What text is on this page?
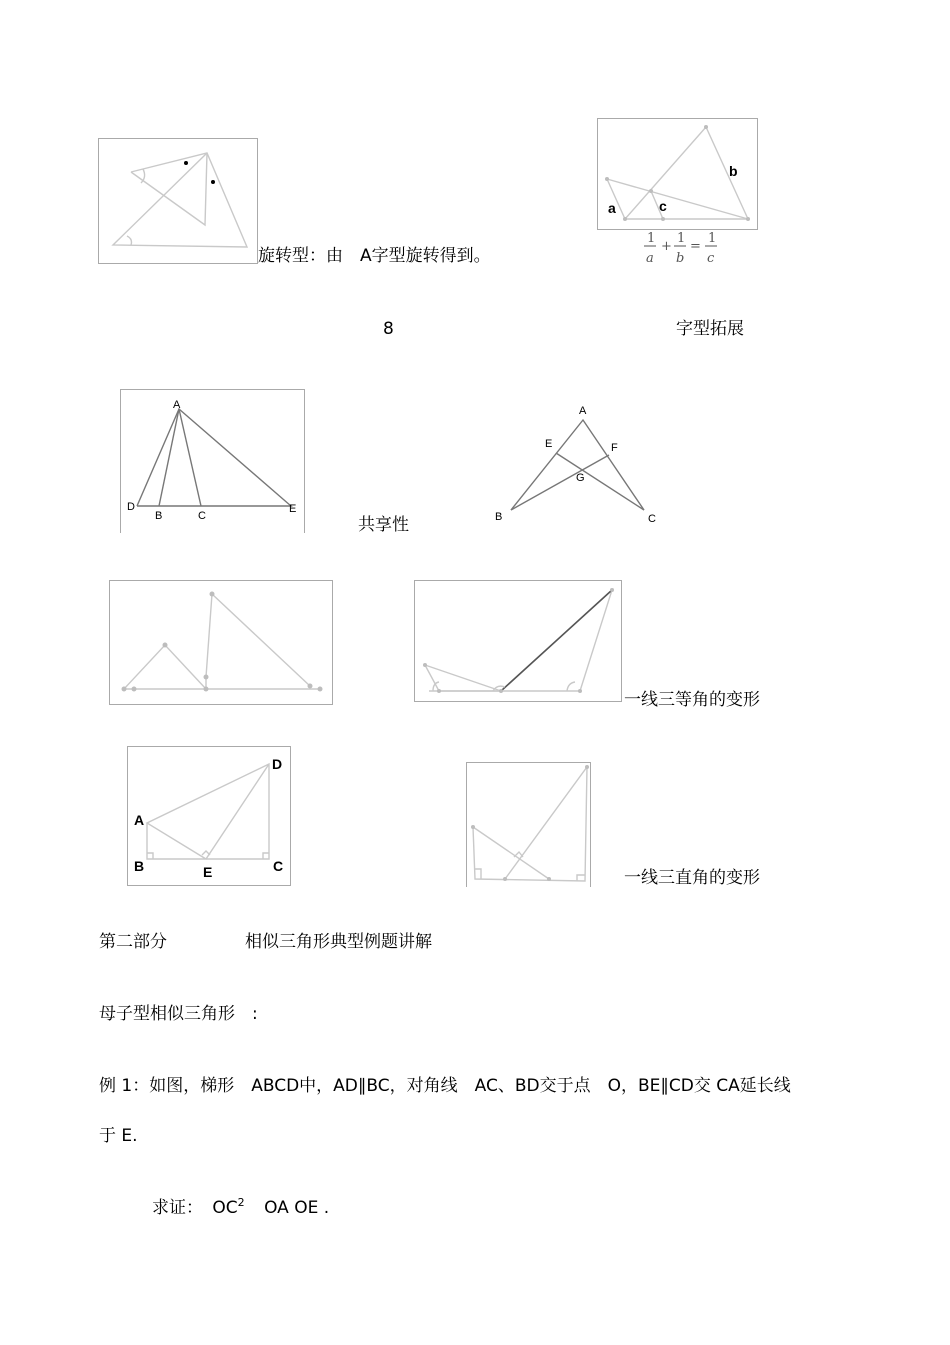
旋转型：由　A字型旋转得到。
b
a	c
1
a
+
1
b
=
1
c
8	字型拓展
A
D
B	C
E
共享性
A
E	F
G
B	C
一线三等角的变形
D
A
B	E	C
一线三直角的变形
第二部分	相似三角形典型例题讲解
母子型相似三角形　:
例 1：如图，梯形　ABCD中，AD∥BC，对角线　AC、BD交于点　O，BE∥CD交 CA延长线
于 E.
求证： $OC^2$ OA OE .
